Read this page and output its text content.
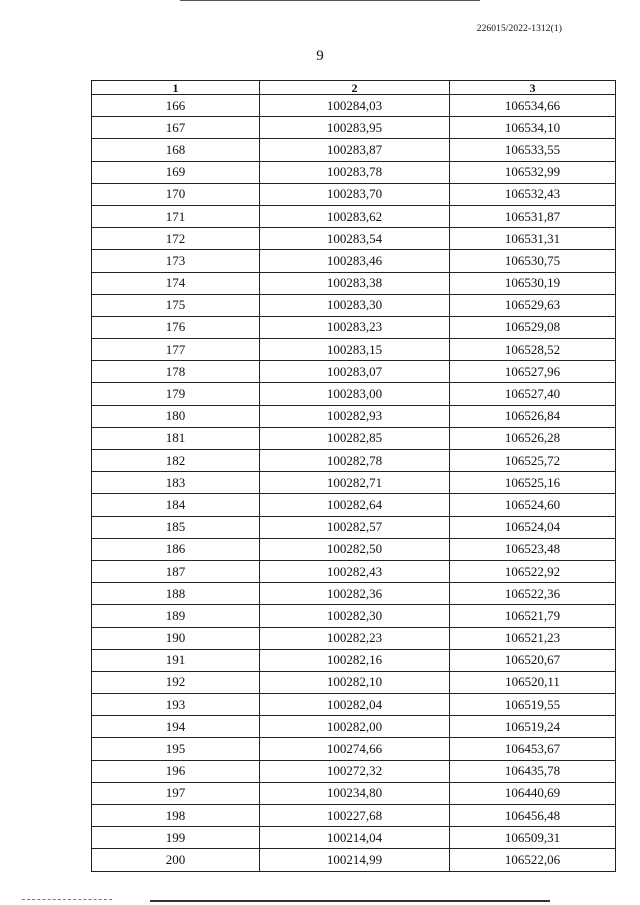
226015/2022-1312(1)
9
1	2	3
166	100284,03	106534,66
167	100283,95	106534,10
168	100283,87	106533,55
169	100283,78	106532,99
170	100283,70	106532,43
171	100283,62	106531,87
172	100283,54	106531,31
173	100283,46	106530,75
174	100283,38	106530,19
175	100283,30	106529,63
176	100283,23	106529,08
177	100283,15	106528,52
178	100283,07	106527,96
179	100283,00	106527,40
180	100282,93	106526,84
181	100282,85	106526,28
182	100282,78	106525,72
183	100282,71	106525,16
184	100282,64	106524,60
185	100282,57	106524,04
186	100282,50	106523,48
187	100282,43	106522,92
188	100282,36	106522,36
189	100282,30	106521,79
190	100282,23	106521,23
191	100282,16	106520,67
192	100282,10	106520,11
193	100282,04	106519,55
194	100282,00	106519,24
195	100274,66	106453,67
196	100272,32	106435,78
197	100234,80	106440,69
198	100227,68	106456,48
199	100214,04	106509,31
200	100214,99	106522,06
